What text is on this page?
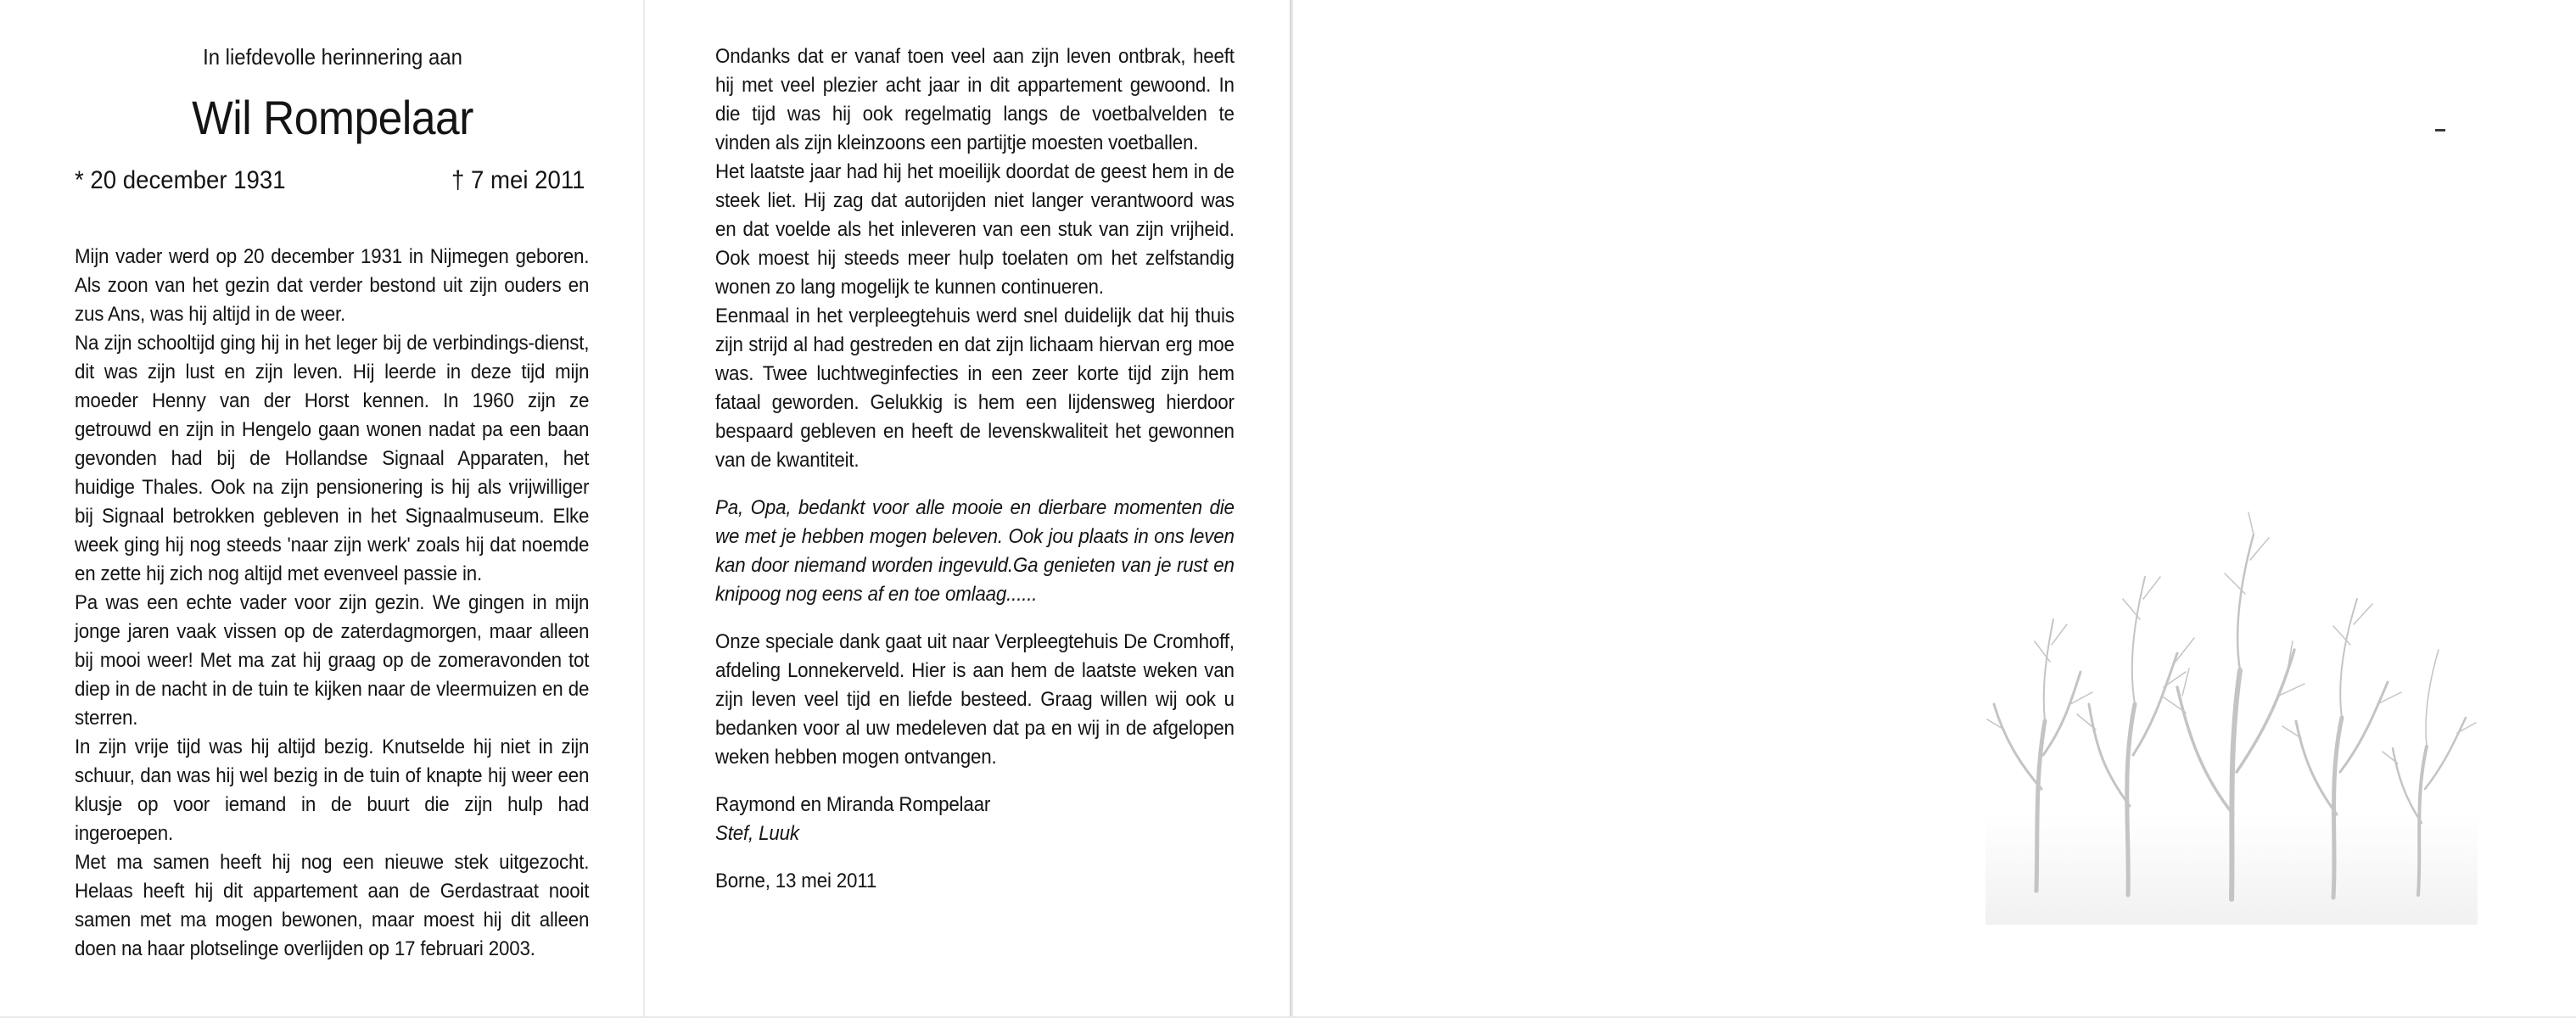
In liefdevolle herinnering aan
Wil Rompelaar
* 20 december 1931	† 7 mei 2011

Mijn vader werd op 20 december 1931 in Nijmegen geboren. Als zoon van het gezin dat verder bestond uit zijn ouders en zus Ans, was hij altijd in de weer.

Na zijn schooltijd ging hij in het leger bij de verbindings-dienst, dit was zijn lust en zijn leven. Hij leerde in deze tijd mijn moeder Henny van der Horst kennen. In 1960 zijn ze getrouwd en zijn in Hengelo gaan wonen nadat pa een baan gevonden had bij de Hollandse Signaal Apparaten, het huidige Thales. Ook na zijn pensionering is hij als vrijwilliger bij Signaal betrokken gebleven in het Signaalmuseum. Elke week ging hij nog steeds 'naar zijn werk' zoals hij dat noemde en zette hij zich nog altijd met evenveel passie in.

Pa was een echte vader voor zijn gezin. We gingen in mijn jonge jaren vaak vissen op de zaterdagmorgen, maar alleen bij mooi weer! Met ma zat hij graag op de zomeravonden tot diep in de nacht in de tuin te kijken naar de vleermuizen en de sterren.

In zijn vrije tijd was hij altijd bezig. Knutselde hij niet in zijn schuur, dan was hij wel bezig in de tuin of knapte hij weer een klusje op voor iemand in de buurt die zijn hulp had ingeroepen.

Met ma samen heeft hij nog een nieuwe stek uitgezocht. Helaas heeft hij dit appartement aan de Gerdastraat nooit samen met ma mogen bewonen, maar moest hij dit alleen doen na haar plotselinge overlijden op 17 februari 2003.

Ondanks dat er vanaf toen veel aan zijn leven ontbrak, heeft hij met veel plezier acht jaar in dit appartement gewoond. In die tijd was hij ook regelmatig langs de voetbalvelden te vinden als zijn kleinzoons een partijtje moesten voetballen.

Het laatste jaar had hij het moeilijk doordat de geest hem in de steek liet. Hij zag dat autorijden niet langer verantwoord was en dat voelde als het inleveren van een stuk van zijn vrijheid. Ook moest hij steeds meer hulp toelaten om het zelfstandig wonen zo lang mogelijk te kunnen continueren.

Eenmaal in het verpleegtehuis werd snel duidelijk dat hij thuis zijn strijd al had gestreden en dat zijn lichaam hiervan erg moe was. Twee luchtweginfecties in een zeer korte tijd zijn hem fataal geworden. Gelukkig is hem een lijdensweg hierdoor bespaard gebleven en heeft de levenskwaliteit het gewonnen van de kwantiteit.

Pa, Opa, bedankt voor alle mooie en dierbare momenten die we met je hebben mogen beleven. Ook jou plaats in ons leven kan door niemand worden ingevuld.Ga genieten van je rust en knipoog nog eens af en toe omlaag......

Onze speciale dank gaat uit naar Verpleegtehuis De Cromhoff, afdeling Lonnekerveld. Hier is aan hem de laatste weken van zijn leven veel tijd en liefde besteed. Graag willen wij ook u bedanken voor al uw medeleven dat pa en wij in de afgelopen weken hebben mogen ontvangen.

Raymond en Miranda Rompelaar

Stef, Luuk

Borne, 13 mei 2011
